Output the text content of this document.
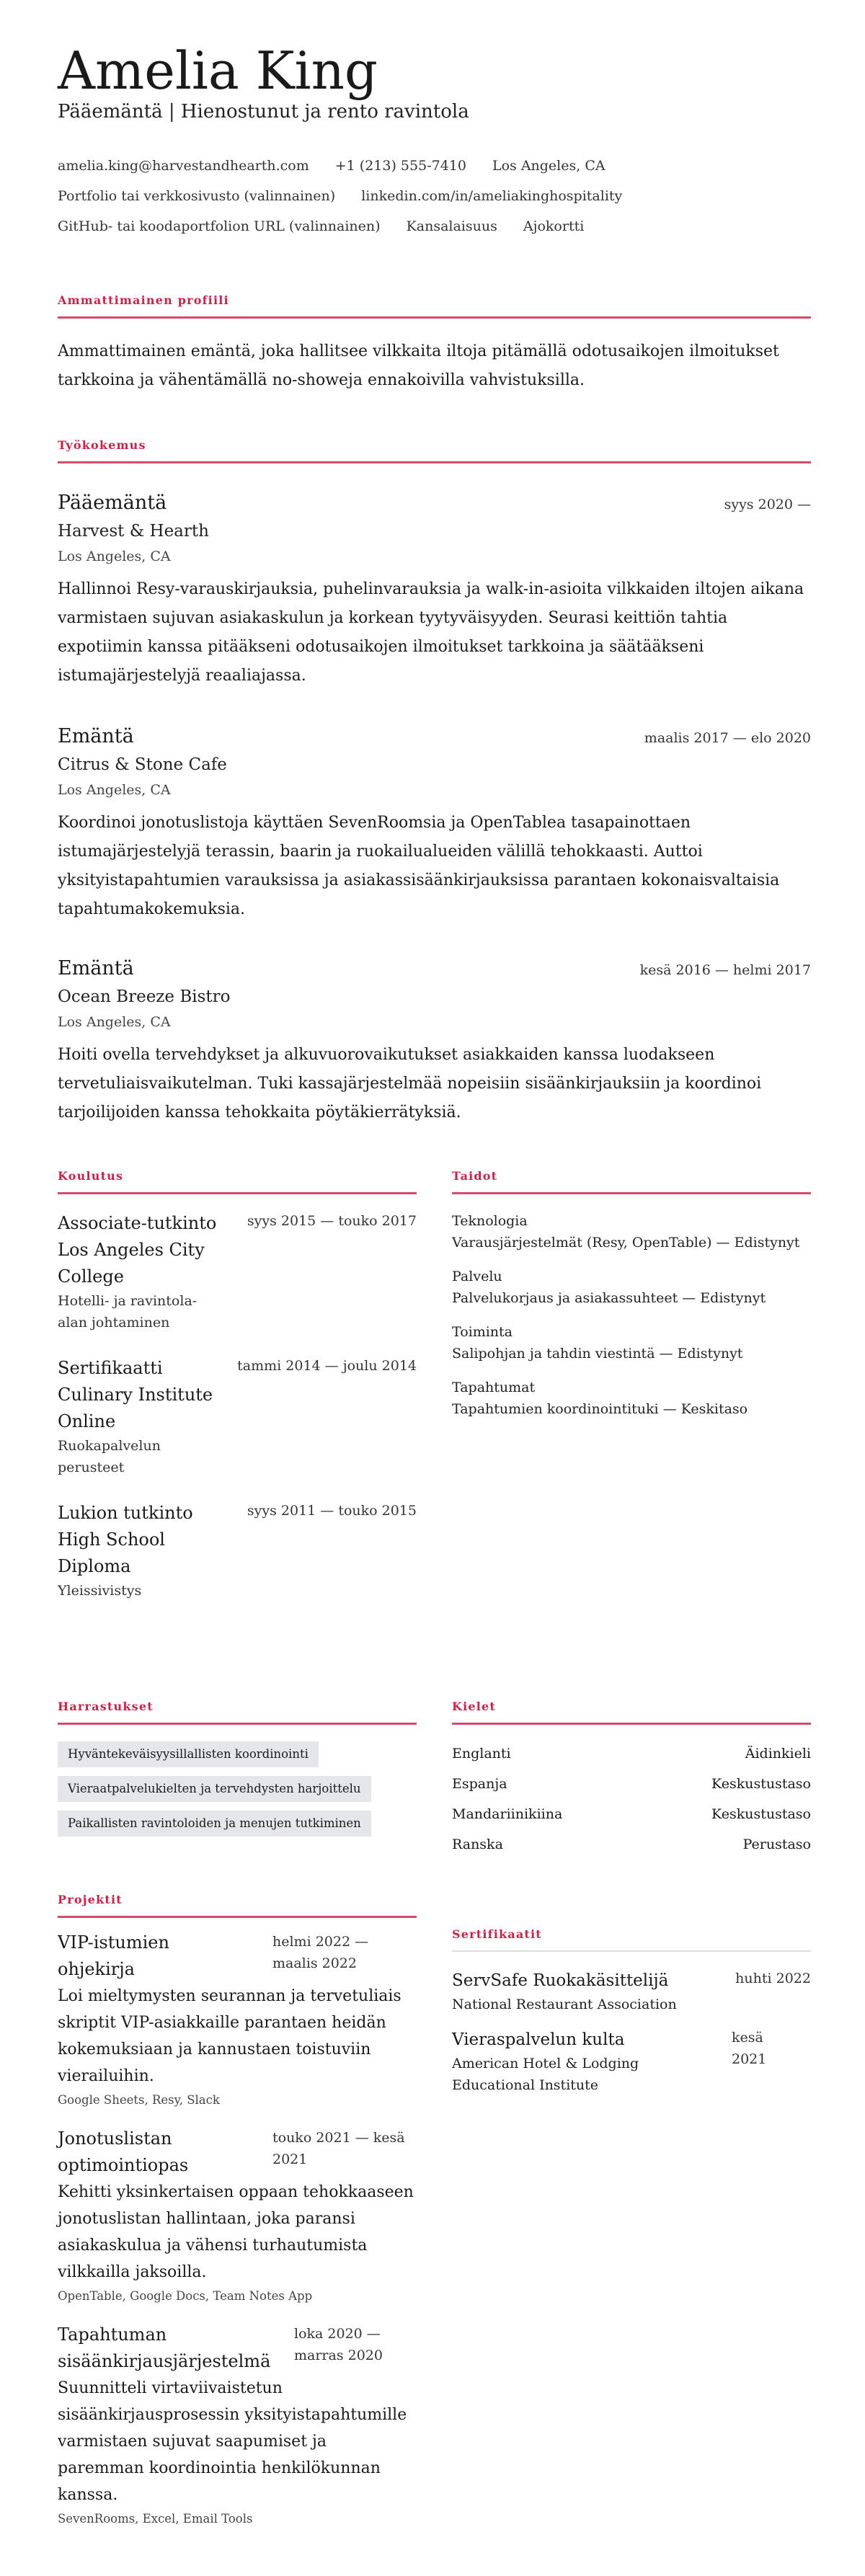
Amelia King
Pääemäntä | Hienostunut ja rento ravintola
amelia.king@harvestandhearth.com +1 (213) 555-7410 Los Angeles, CA
Portfolio tai verkkosivusto (valinnainen) linkedin.com/in/ameliakinghospitality
GitHub- tai koodaportfolion URL (valinnainen) Kansalaisuus Ajokortti
Ammattimainen profiili

Ammattimainen emäntä, joka hallitsee vilkkaita iltoja pitämällä odotusaikojen ilmoitukset tarkkoina ja vähentämällä no-showeja ennakoivilla vahvistuksilla.

Työkokemus
Pääemäntä	syys 2020 —
Harvest & Hearth
Los Angeles, CA

Hallinnoi Resy-varauskirjauksia, puhelinvarauksia ja walk-in-asioita vilkkaiden iltojen aikana varmistaen sujuvan asiakaskulun ja korkean tyytyväisyyden. Seurasi keittiön tahtia expotiimin kanssa pitääkseni odotusaikojen ilmoitukset tarkkoina ja säätääkseni istumajärjestelyjä reaaliajassa.

Emäntä	maalis 2017 — elo 2020
Citrus & Stone Cafe
Los Angeles, CA

Koordinoi jonotuslistoja käyttäen SevenRoomsia ja OpenTablea tasapainottaen istumajärjestelyjä terassin, baarin ja ruokailualueiden välillä tehokkaasti. Auttoi yksityistapahtumien varauksissa ja asiakassisäänkirjauksissa parantaen kokonaisvaltaisia tapahtumakokemuksia.

Emäntä	kesä 2016 — helmi 2017
Ocean Breeze Bistro
Los Angeles, CA

Hoiti ovella tervehdykset ja alkuvuorovaikutukset asiakkaiden kanssa luodakseen tervetuliaisvaikutelman. Tuki kassajärjestelmää nopeisiin sisäänkirjauksiin ja koordinoi tarjoilijoiden kanssa tehokkaita pöytäkierrätyksiä.

Koulutus
Associate-tutkinto
Los Angeles City College
Hotelli- ja ravintola-alan johtaminen
syys 2015 — touko 2017
Sertifikaatti
Culinary Institute Online
Ruokapalvelun perusteet
tammi 2014 — joulu 2014
Lukion tutkinto
High School Diploma
Yleissivistys
syys 2011 — touko 2015
Taidot
Teknologia
Varausjärjestelmät (Resy, OpenTable) — Edistynyt
Palvelu
Palvelukorjaus ja asiakassuhteet — Edistynyt
Toiminta
Salipohjan ja tahdin viestintä — Edistynyt
Tapahtumat
Tapahtumien koordinointituki — Keskitaso
Harrastukset
Hyväntekeväisyysillallisten koordinointi
Vieraatpalvelukielten ja tervehdysten harjoittelu
Paikallisten ravintoloiden ja menujen tutkiminen
Kielet
Englanti	Äidinkieli
Espanja	Keskustustaso
Mandariinikiina	Keskustustaso
Ranska	Perustaso
Projektit
VIP-istumien ohjekirja
helmi 2022 — maalis 2022

Loi mieltymysten seurannan ja tervetuliais skriptit VIP-asiakkaille parantaen heidän kokemuksiaan ja kannustaen toistuviin vierailuihin.

Google Sheets, Resy, Slack
Jonotuslistan optimointiopas
touko 2021 — kesä 2021

Kehitti yksinkertaisen oppaan tehokkaaseen jonotuslistan hallintaan, joka paransi asiakaskulua ja vähensi turhautumista vilkkailla jaksoilla.

OpenTable, Google Docs, Team Notes App
Tapahtuman sisäänkirjausjärjestelmä
loka 2020 — marras 2020

Suunnitteli virtaviivaistetun sisäänkirjausprosessin yksityistapahtumille varmistaen sujuvat saapumiset ja paremman koordinointia henkilökunnan kanssa.

SevenRooms, Excel, Email Tools
Sertifikaatit
ServSafe Ruokakäsittelijä
National Restaurant Association
huhti 2022
Vieraspalvelun kulta
American Hotel & Lodging Educational Institute
kesä 2021
